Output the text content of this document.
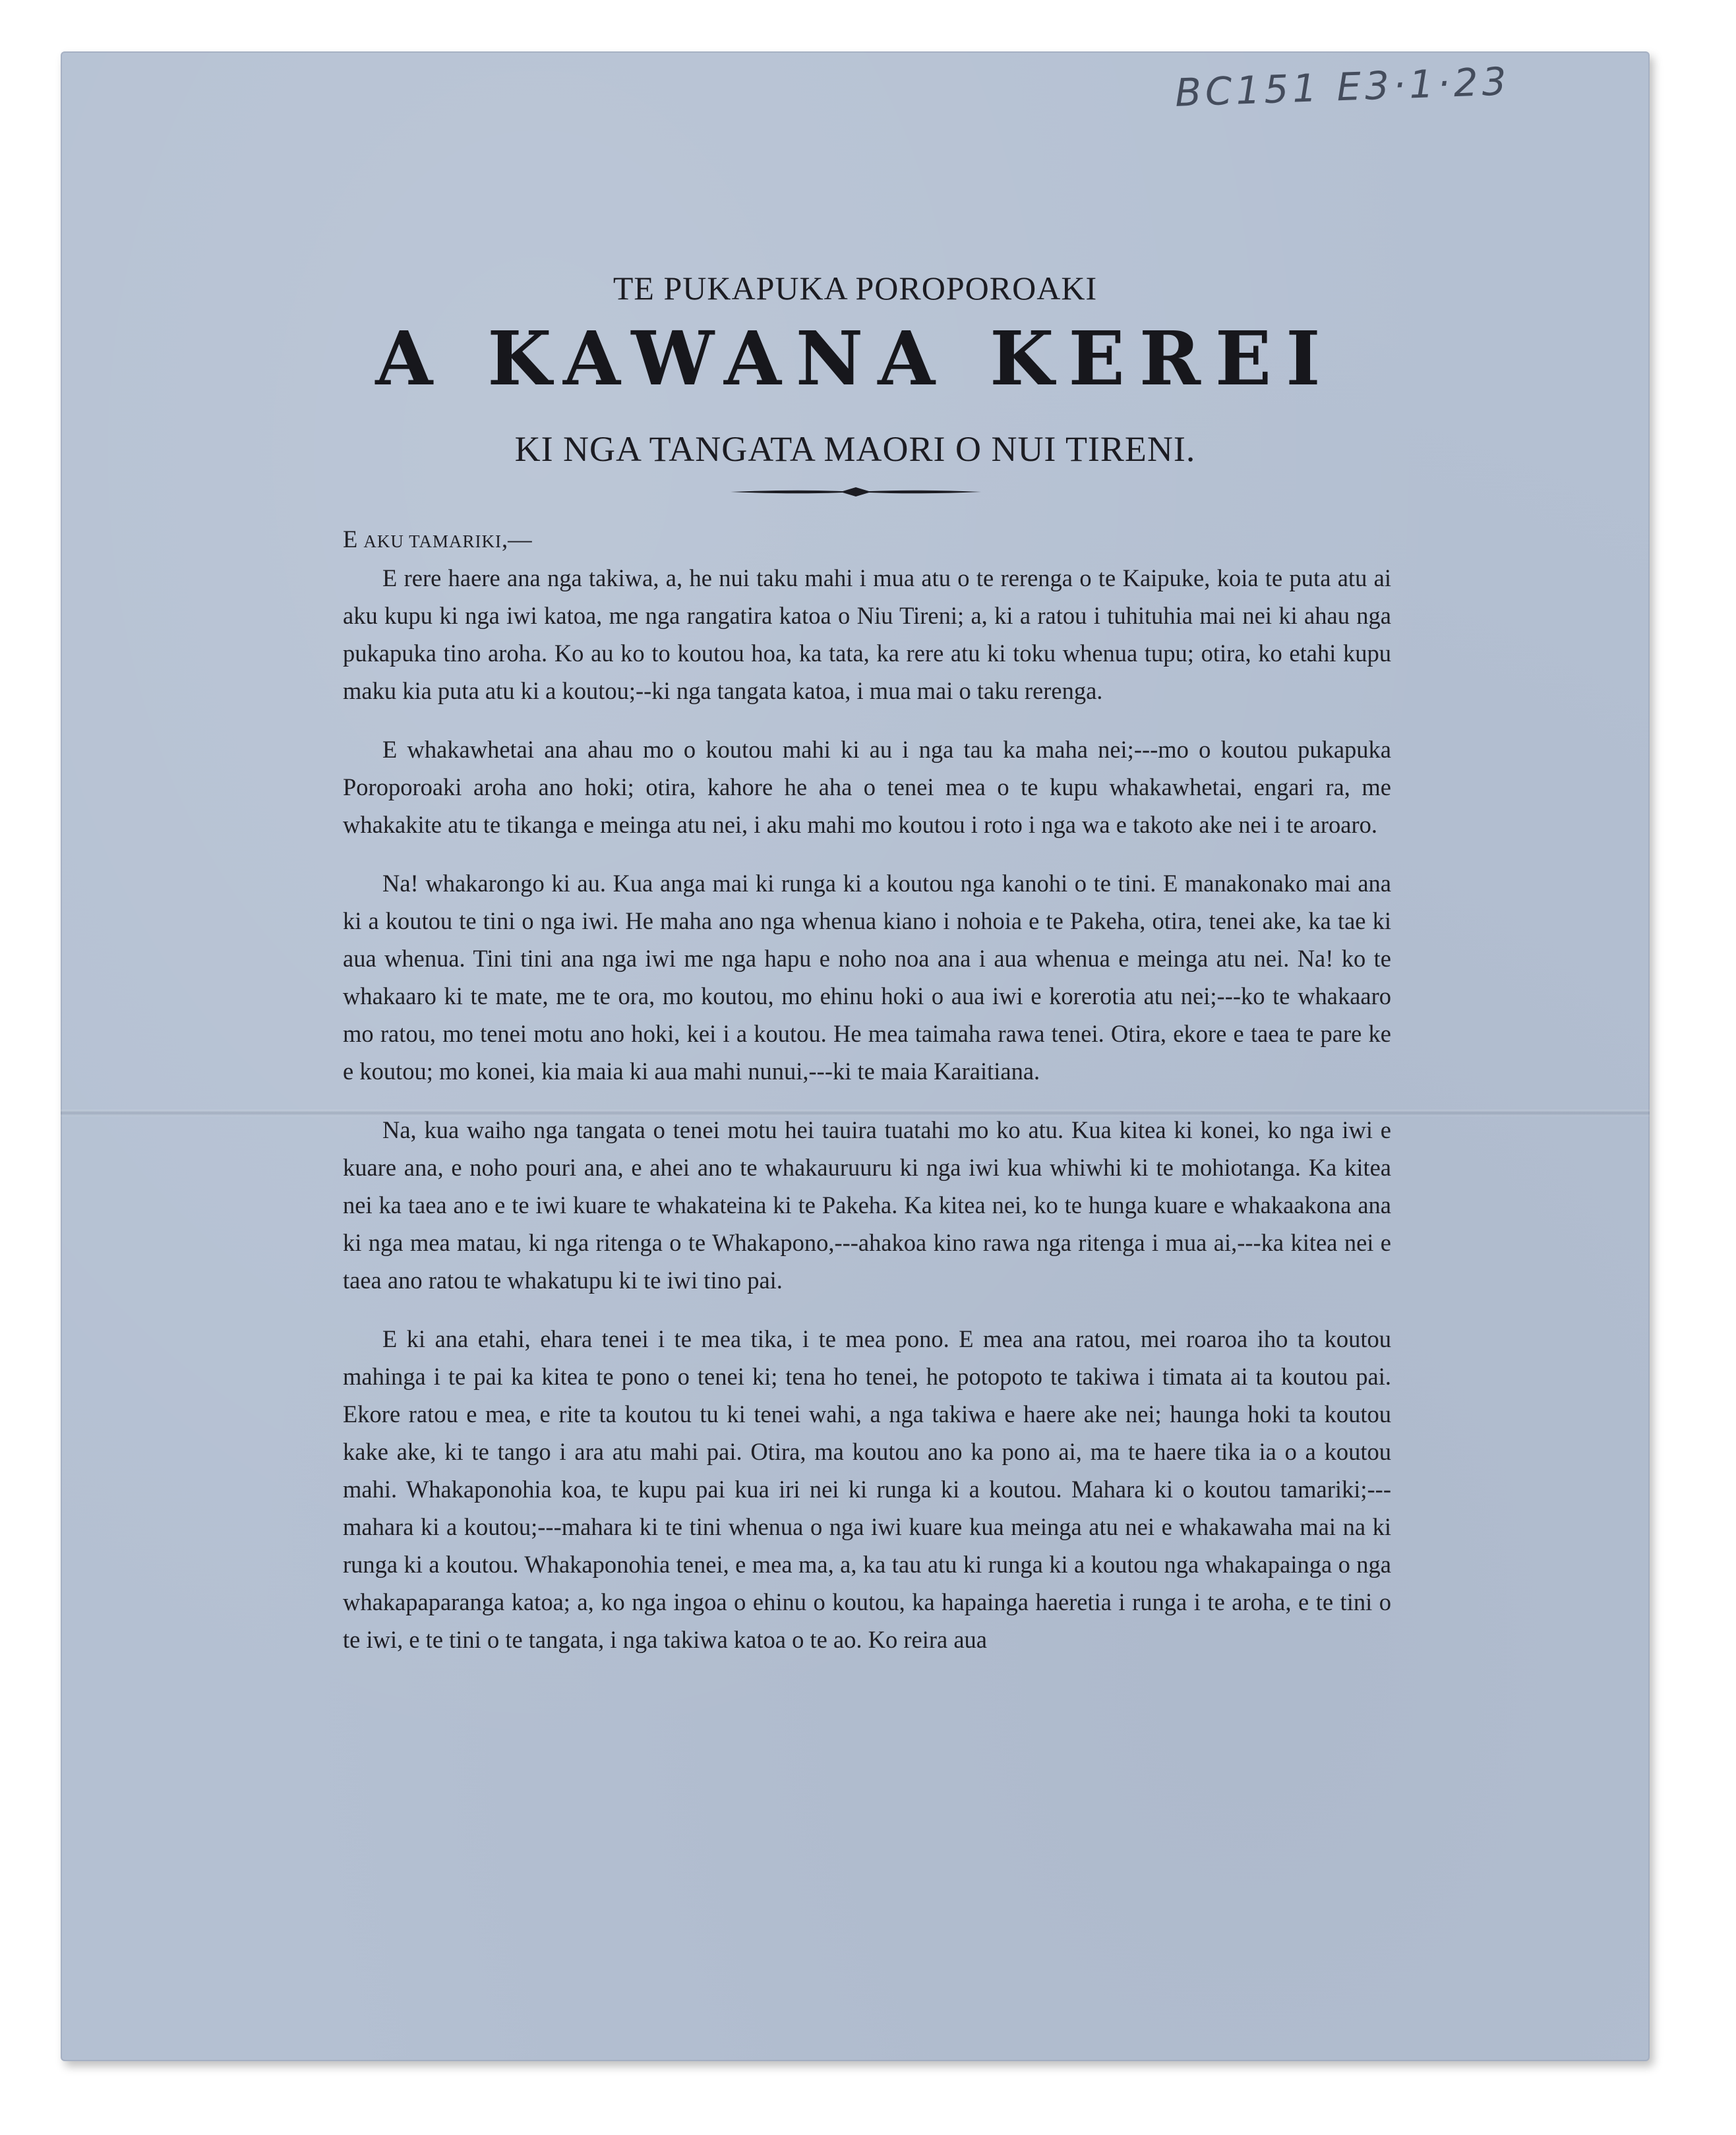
BC151 E3·1·23
TE PUKAPUKA POROPOROAKI
A KAWANA KEREI
KI NGA TANGATA MAORI O NUI TIRENI.
E AKU TAMARIKI,—

E rere haere ana nga takiwa, a, he nui taku mahi i mua atu o te rerenga o te Kaipuke, koia te puta atu ai aku kupu ki nga iwi katoa, me nga rangatira katoa o Niu Tireni; a, ki a ratou i tuhituhia mai nei ki ahau nga pukapuka tino aroha. Ko au ko to koutou hoa, ka tata, ka rere atu ki toku whenua tupu; otira, ko etahi kupu maku kia puta atu ki a koutou;--ki nga tangata katoa, i mua mai o taku rerenga.

E whakawhetai ana ahau mo o koutou mahi ki au i nga tau ka maha nei;---mo o koutou pukapuka Poroporoaki aroha ano hoki; otira, kahore he aha o tenei mea o te kupu whakawhetai, engari ra, me whakakite atu te tikanga e meinga atu nei, i aku mahi mo koutou i roto i nga wa e takoto ake nei i te aroaro.

Na! whakarongo ki au. Kua anga mai ki runga ki a koutou nga kanohi o te tini. E manakonako mai ana ki a koutou te tini o nga iwi. He maha ano nga whenua kiano i nohoia e te Pakeha, otira, tenei ake, ka tae ki aua whenua. Tini tini ana nga iwi me nga hapu e noho noa ana i aua whenua e meinga atu nei. Na! ko te whakaaro ki te mate, me te ora, mo koutou, mo ehinu hoki o aua iwi e korerotia atu nei;---ko te whakaaro mo ratou, mo tenei motu ano hoki, kei i a koutou. He mea taimaha rawa tenei. Otira, ekore e taea te pare ke e koutou; mo konei, kia maia ki aua mahi nunui,---ki te maia Karaitiana.

Na, kua waiho nga tangata o tenei motu hei tauira tuatahi mo ko atu. Kua kitea ki konei, ko nga iwi e kuare ana, e noho pouri ana, e ahei ano te whakauruuru ki nga iwi kua whiwhi ki te mohiotanga. Ka kitea nei ka taea ano e te iwi kuare te whakateina ki te Pakeha. Ka kitea nei, ko te hunga kuare e whakaakona ana ki nga mea matau, ki nga ritenga o te Whakapono,---ahakoa kino rawa nga ritenga i mua ai,---ka kitea nei e taea ano ratou te whakatupu ki te iwi tino pai.

E ki ana etahi, ehara tenei i te mea tika, i te mea pono. E mea ana ratou, mei roaroa iho ta koutou mahinga i te pai ka kitea te pono o tenei ki; tena ho tenei, he potopoto te takiwa i timata ai ta koutou pai. Ekore ratou e mea, e rite ta koutou tu ki tenei wahi, a nga takiwa e haere ake nei; haunga hoki ta koutou kake ake, ki te tango i ara atu mahi pai. Otira, ma koutou ano ka pono ai, ma te haere tika ia o a koutou mahi. Whakaponohia koa, te kupu pai kua iri nei ki runga ki a koutou. Mahara ki o koutou tamariki;---mahara ki a koutou;---mahara ki te tini whenua o nga iwi kuare kua meinga atu nei e whakawaha mai na ki runga ki a koutou. Whakaponohia tenei, e mea ma, a, ka tau atu ki runga ki a koutou nga whakapainga o nga whakapaparanga katoa; a, ko nga ingoa o ehinu o koutou, ka hapainga haeretia i runga i te aroha, e te tini o te iwi, e te tini o te tangata, i nga takiwa katoa o te ao. Ko reira aua
